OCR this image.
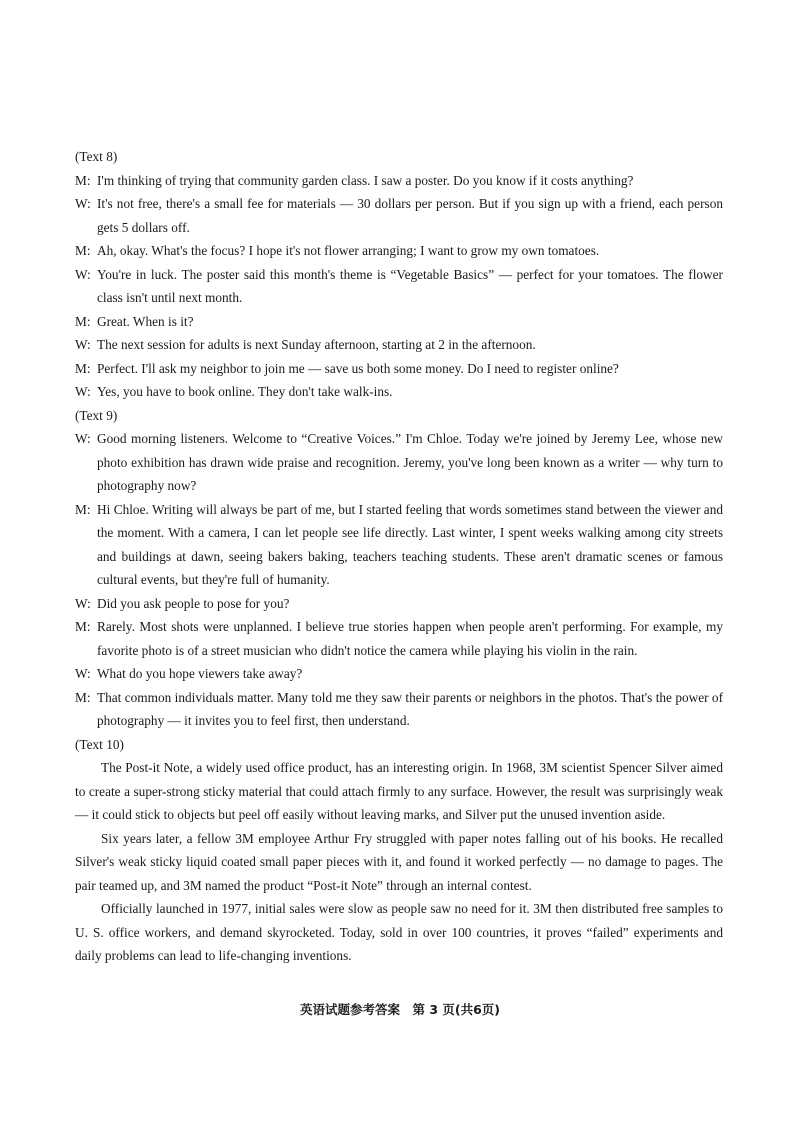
(Text 8)

M: I'm thinking of trying that community garden class. I saw a poster. Do you know if it costs anything?

W: It's not free, there's a small fee for materials — 30 dollars per person. But if you sign up with a friend, each person gets 5 dollars off.

M: Ah, okay. What's the focus? I hope it's not flower arranging; I want to grow my own tomatoes.

W: You're in luck. The poster said this month's theme is “Vegetable Basics” — perfect for your tomatoes. The flower class isn't until next month.

M: Great. When is it?

W: The next session for adults is next Sunday afternoon, starting at 2 in the afternoon.

M: Perfect. I'll ask my neighbor to join me — save us both some money. Do I need to register online?

W: Yes, you have to book online. They don't take walk-ins.

(Text 9)

W: Good morning listeners. Welcome to “Creative Voices.” I'm Chloe. Today we're joined by Jeremy Lee, whose new photo exhibition has drawn wide praise and recognition. Jeremy, you've long been known as a writer — why turn to photography now?

M: Hi Chloe. Writing will always be part of me, but I started feeling that words sometimes stand between the viewer and the moment. With a camera, I can let people see life directly. Last winter, I spent weeks walking among city streets and buildings at dawn, seeing bakers baking, teachers teaching students. These aren't dramatic scenes or famous cultural events, but they're full of humanity.

W: Did you ask people to pose for you?

M: Rarely. Most shots were unplanned. I believe true stories happen when people aren't performing. For example, my favorite photo is of a street musician who didn't notice the camera while playing his violin in the rain.

W: What do you hope viewers take away?

M: That common individuals matter. Many told me they saw their parents or neighbors in the photos. That's the power of photography — it invites you to feel first, then understand.

(Text 10)

The Post-it Note, a widely used office product, has an interesting origin. In 1968, 3M scientist Spencer Silver aimed to create a super-strong sticky material that could attach firmly to any surface. However, the result was surprisingly weak — it could stick to objects but peel off easily without leaving marks, and Silver put the unused invention aside.

Six years later, a fellow 3M employee Arthur Fry struggled with paper notes falling out of his books. He recalled Silver's weak sticky liquid coated small paper pieces with it, and found it worked perfectly — no damage to pages. The pair teamed up, and 3M named the product “Post-it Note” through an internal contest.

Officially launched in 1977, initial sales were slow as people saw no need for it. 3M then distributed free samples to U. S. office workers, and demand skyrocketed. Today, sold in over 100 countries, it proves “failed” experiments and daily problems can lead to life-changing inventions.

英语试题参考答案　第 3 页(共6页)
